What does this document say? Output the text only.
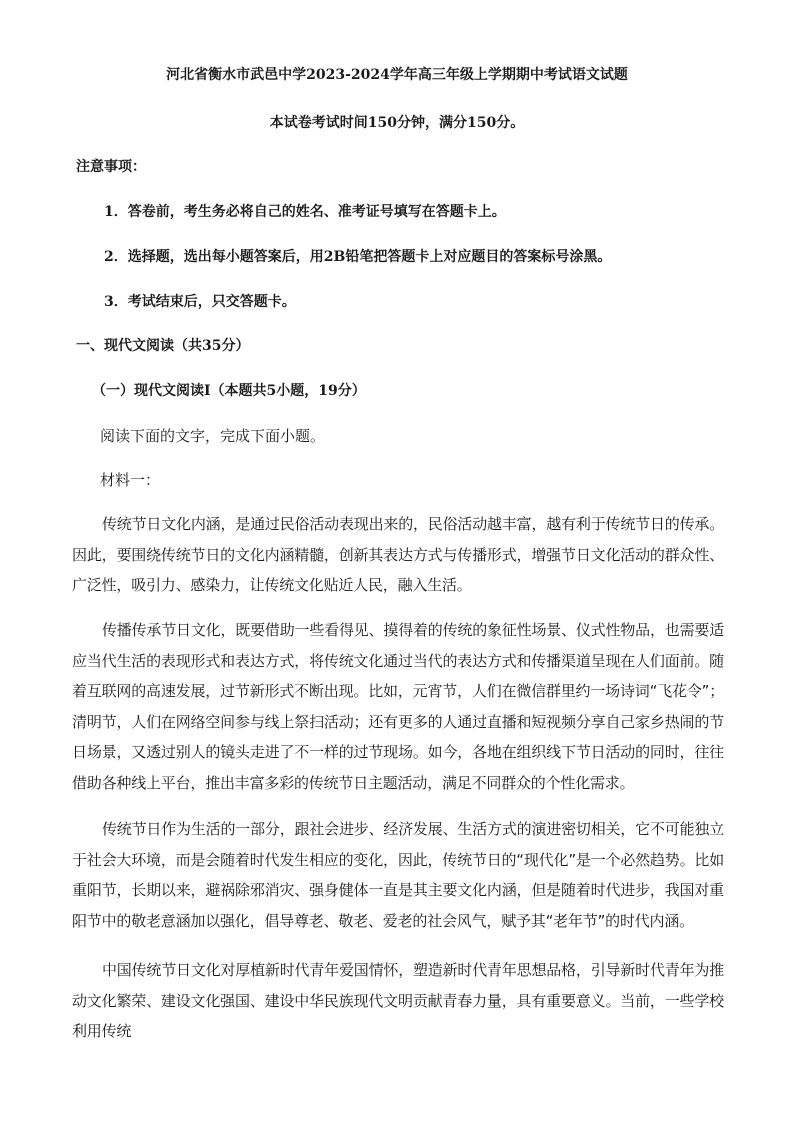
河北省衡水市武邑中学2023-2024学年高三年级上学期期中考试语文试题
本试卷考试时间150分钟，满分150分。
注意事项：
1．答卷前，考生务必将自己的姓名、准考证号填写在答题卡上。
2．选择题，选出每小题答案后，用2B铅笔把答题卡上对应题目的答案标号涂黑。
3．考试结束后，只交答题卡。
一、现代文阅读（共35分）
（一）现代文阅读Ⅰ（本题共5小题，19分）
阅读下面的文字，完成下面小题。
材料一：
传统节日文化内涵，是通过民俗活动表现出来的，民俗活动越丰富，越有利于传统节日的传承。因此，要围绕传统节日的文化内涵精髓，创新其表达方式与传播形式，增强节日文化活动的群众性、广泛性，吸引力、感染力，让传统文化贴近人民，融入生活。
传播传承节日文化，既要借助一些看得见、摸得着的传统的象征性场景、仪式性物品，也需要适应当代生活的表现形式和表达方式，将传统文化通过当代的表达方式和传播渠道呈现在人们面前。随着互联网的高速发展，过节新形式不断出现。比如，元宵节，人们在微信群里约一场诗词“飞花令”；清明节，人们在网络空间参与线上祭扫活动；还有更多的人通过直播和短视频分享自己家乡热闹的节日场景，又透过别人的镜头走进了不一样的过节现场。如今，各地在组织线下节日活动的同时，往往借助各种线上平台，推出丰富多彩的传统节日主题活动，满足不同群众的个性化需求。
传统节日作为生活的一部分，跟社会进步、经济发展、生活方式的演进密切相关，它不可能独立于社会大环境，而是会随着时代发生相应的变化，因此，传统节日的“现代化”是一个必然趋势。比如重阳节，长期以来，避祸除邪消灾、强身健体一直是其主要文化内涵，但是随着时代进步，我国对重阳节中的敬老意涵加以强化，倡导尊老、敬老、爱老的社会风气，赋予其“老年节”的时代内涵。
中国传统节日文化对厚植新时代青年爱国情怀，塑造新时代青年思想品格，引导新时代青年为推动文化繁荣、建设文化强国、建设中华民族现代文明贡献青春力量，具有重要意义。当前，一些学校利用传统
